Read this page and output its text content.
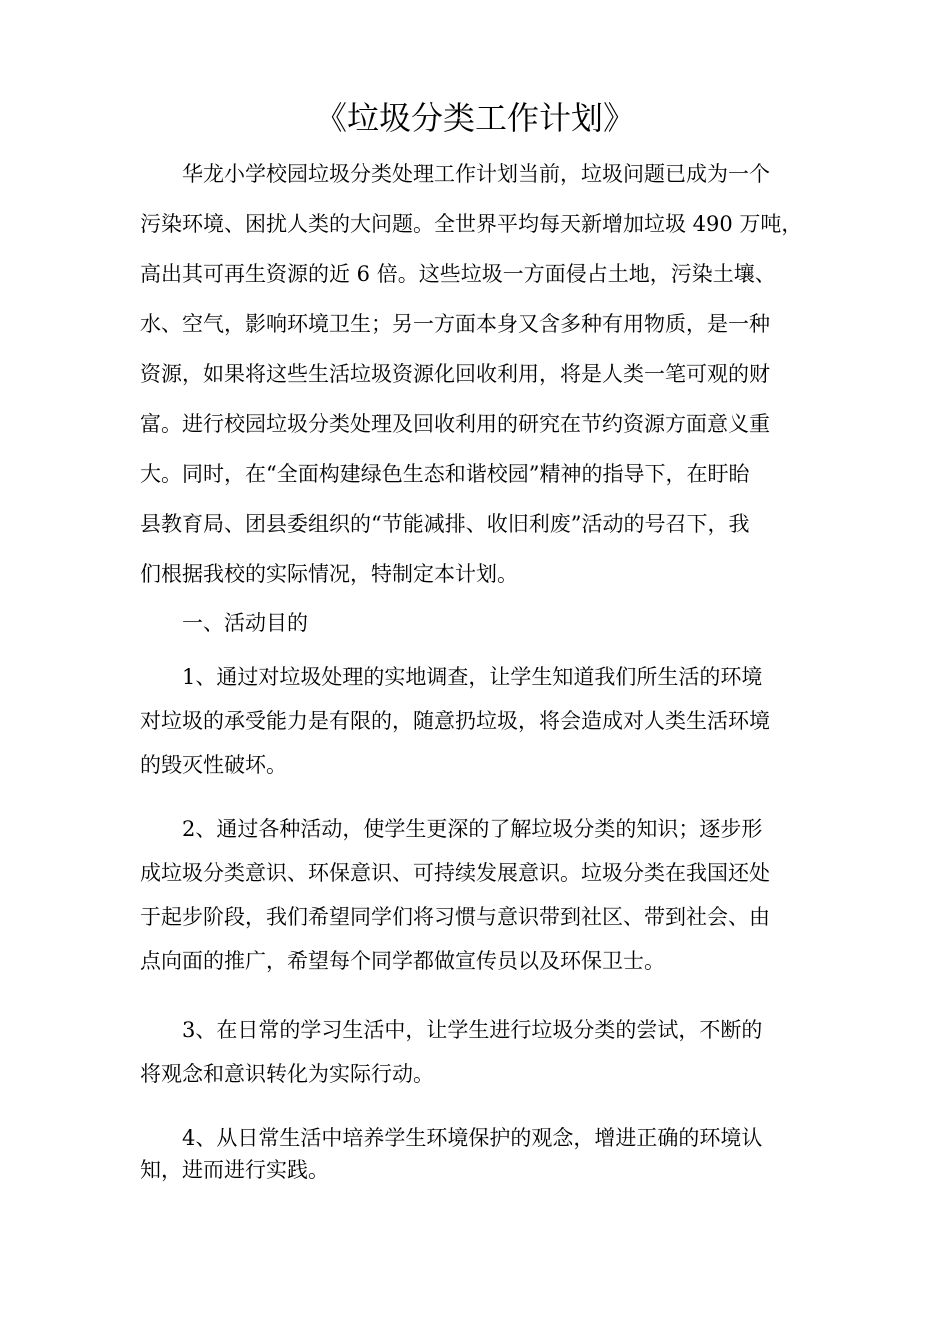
《垃圾分类工作计划》
华龙小学校园垃圾分类处理工作计划当前，垃圾问题已成为一个
污染环境、困扰人类的大问题。全世界平均每天新增加垃圾 490 万吨，
高出其可再生资源的近 6 倍。这些垃圾一方面侵占土地，污染土壤、
水、空气，影响环境卫生；另一方面本身又含多种有用物质，是一种
资源，如果将这些生活垃圾资源化回收利用，将是人类一笔可观的财
富。进行校园垃圾分类处理及回收利用的研究在节约资源方面意义重
大。同时，在“全面构建绿色生态和谐校园”精神的指导下，在盱眙
县教育局、团县委组织的“节能减排、收旧利废”活动的号召下，我
们根据我校的实际情况，特制定本计划。
一、活动目的
1、通过对垃圾处理的实地调查，让学生知道我们所生活的环境
对垃圾的承受能力是有限的，随意扔垃圾，将会造成对人类生活环境
的毁灭性破坏。
2、通过各种活动，使学生更深的了解垃圾分类的知识；逐步形
成垃圾分类意识、环保意识、可持续发展意识。垃圾分类在我国还处
于起步阶段，我们希望同学们将习惯与意识带到社区、带到社会、由
点向面的推广，希望每个同学都做宣传员以及环保卫士。
3、在日常的学习生活中，让学生进行垃圾分类的尝试，不断的
将观念和意识转化为实际行动。
4、从日常生活中培养学生环境保护的观念，增进正确的环境认
知，进而进行实践。
